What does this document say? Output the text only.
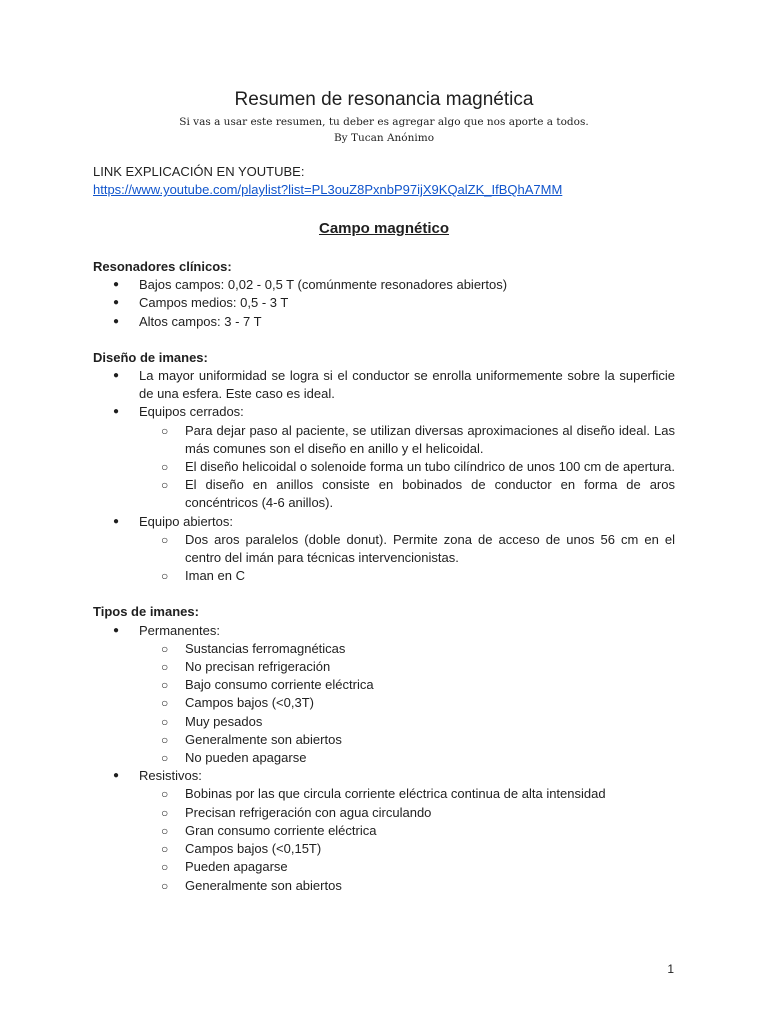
Resumen de resonancia magnética

Si vas a usar este resumen, tu deber es agregar algo que nos aporte a todos.

By Tucan Anónimo

LINK EXPLICACIÓN EN YOUTUBE:

https://www.youtube.com/playlist?list=PL3ouZ8PxnbP97ijX9KQalZK_IfBQhA7MM
Campo magnético

Resonadores clínicos:

● Bajos campos: 0,02 - 0,5 T (comúnmente resonadores abiertos)
● Campos medios: 0,5 - 3 T
● Altos campos: 3 - 7 T

Diseño de imanes:

● La mayor uniformidad se logra si el conductor se enrolla uniformemente sobre la superficie de una esfera. Este caso es ideal.
● Equipos cerrados:
○ Para dejar paso al paciente, se utilizan diversas aproximaciones al diseño ideal. Las más comunes son el diseño en anillo y el helicoidal.
○ El diseño helicoidal o solenoide forma un tubo cilíndrico de unos 100 cm de apertura.
○ El diseño en anillos consiste en bobinados de conductor en forma de aros concéntricos (4-6 anillos).
● Equipo abiertos:
○ Dos aros paralelos (doble donut). Permite zona de acceso de unos 56 cm en el centro del imán para técnicas intervencionistas.
○ Iman en C

Tipos de imanes:

● Permanentes:
○ Sustancias ferromagnéticas
○ No precisan refrigeración
○ Bajo consumo corriente eléctrica
○ Campos bajos (<0,3T)
○ Muy pesados
○ Generalmente son abiertos
○ No pueden apagarse
● Resistivos:
○ Bobinas por las que circula corriente eléctrica continua de alta intensidad
○ Precisan refrigeración con agua circulando
○ Gran consumo corriente eléctrica
○ Campos bajos (<0,15T)
○ Pueden apagarse
○ Generalmente son abiertos

1
